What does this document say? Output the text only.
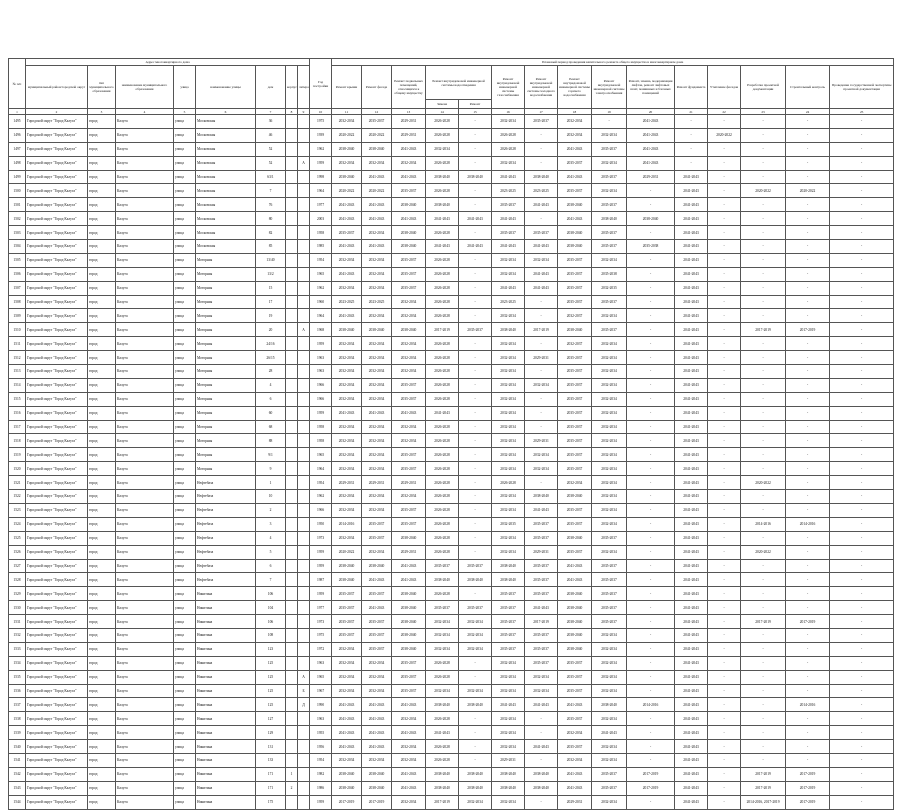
№ п/п	Адрес многоквартирного дома								Год постройки	Плановый период проведения капитального ремонта общего имущества в многоквартирном доме														
	муниципальный район/городской округ	тип муниципального образования	наименование муниципального образования	улица	наименование улицы	дом	корпус	литера		Ремонт крыши	Ремонт фасада	Ремонт подвальных помещений, относящихся к общему имуществу	Ремонт внутридомовой инженерной системы водоотведения		Ремонт внутридомовой инженерной системы газоснабжения	Ремонт внутридомовой инженерной системы холодного водоснабжения	Ремонт внутридомовой инженерной системы горячего водоснабжения	Ремонт внутридомовой инженерной системы электроснабжения	Ремонт, замена, модернизация лифтов, ремонт лифтовых шахт, машинных и блочных помещений	Ремонт фундамента	Утепление фасадов	Разработка проектной документации	Строительный контроль	Проведение государственной экспертизы проектной документации
													Замена	Ремонт										
1	2	3	4	5	6	7	8	9	10	11	12	13	14	15	16	17	18	19	20	21	22	23	24	25
1495	Городской округ "Город Калуга"	город	Калуга	улица	Московская	36			1975	2032-2034	2035-2037	2029-2031	2026-2028	-	2032-2034	2035-2037	2032-2034	-	2041-2043	-	-	-	-	-
1496	Городской округ "Город Калуга"	город	Калуга	улица	Московская	46			1939	2020-2022	2020-2022	2029-2031	2026-2028	-	2026-2028	-	2032-2034	2032-2034	2041-2043	-	2020-2022	-	-	-
1497	Городской округ "Город Калуга"	город	Калуга	улица	Московская	52			1962	2038-2040	2038-2040	2041-2043	2032-2034	-	2026-2028	-	2041-2043	2035-2037	2041-2043	-	-	-	-	-
1498	Городской округ "Город Калуга"	город	Калуга	улица	Московская	52		А	1959	2032-2034	2032-2034	2032-2034	2026-2028	-	2032-2034	-	2035-2037	2032-2034	2041-2043	-	-	-	-	-
1499	Городской округ "Город Калуга"	город	Калуга	улица	Московская	63/1			1998	2038-2040	2041-2043	2041-2043	2038-2040	2038-2040	2041-2043	2038-2040	2041-2043	2035-2037	2029-2031	2041-2043	-	-	-	-
1500	Городской округ "Город Калуга"	город	Калуга	улица	Московская	7			1964	2020-2022	2020-2022	2035-2037	2026-2028	-	2023-2025	2023-2025	2035-2037	2032-2034	-	2041-2043	-	2020-2022	2020-2022	-
1501	Городской округ "Город Калуга"	город	Калуга	улица	Московская	76			1977	2041-2043	2041-2043	2038-2040	2038-2040	-	2035-2037	2041-2043	2038-2040	2035-2037	-	2041-2043	-	-	-	-
1502	Городской округ "Город Калуга"	город	Калуга	улица	Московская	80			2003	2041-2043	2041-2043	2041-2043	2041-2043	2041-2043	2041-2043	-	2041-2043	2038-2040	2038-2040	2041-2043	-	-	-	-
1503	Городской округ "Город Калуга"	город	Калуга	улица	Московская	82			1958	2035-2037	2032-2034	2038-2040	2026-2028	-	2035-2037	2035-2037	2038-2040	2035-2037	-	2041-2043	-	-	-	-
1504	Городской округ "Город Калуга"	город	Калуга	улица	Московская	85			1985	2041-2043	2041-2043	2038-2040	2041-2043	2041-2043	2041-2043	2041-2043	2038-2040	2035-2037	2035-2038	2041-2043	-	-	-	-
1505	Городской округ "Город Калуга"	город	Калуга	улица	Моторная	13/40			1954	2032-2034	2032-2034	2035-2037	2026-2028	-	2032-2034	2032-2034	2035-2037	2032-2034	-	2041-2043	-	-	-	-
1506	Городской округ "Город Калуга"	город	Калуга	улица	Моторная	13/2			1965	2041-2043	2032-2034	2035-2037	2026-2028	-	2032-2034	2041-2043	2035-2037	2035-2038	-	2041-2043	-	-	-	-
1507	Городской округ "Город Калуга"	город	Калуга	улица	Моторная	15			1962	2032-2034	2032-2034	2035-2037	2026-2028	-	2041-2043	2041-2043	2035-2037	2032-2035	-	2041-2043	-	-	-	-
1508	Городской округ "Город Калуга"	город	Калуга	улица	Моторная	17			1960	2023-2025	2023-2025	2032-2034	2026-2028	-	2023-2025	-	2035-2037	2035-2037	-	2041-2043	-	-	-	-
1509	Городской округ "Город Калуга"	город	Калуга	улица	Моторная	19			1964	2041-2043	2032-2034	2032-2034	2026-2028	-	2032-2034	-	2032-2037	2032-2034	-	2041-2043	-	-	-	-
1510	Городской округ "Город Калуга"	город	Калуга	улица	Моторная	20		А	1968	2038-2040	2038-2040	2038-2040	2017-2019	2035-2037	2038-2040	2017-2019	2038-2040	2035-2037	-	2041-2043	-	2017-2019	2017-2019	-
1511	Городской округ "Город Калуга"	город	Калуга	улица	Моторная	24/16			1959	2032-2034	2032-2034	2032-2034	2026-2028	-	2032-2034	-	2032-2037	2032-2034	-	2041-2043	-	-	-	-
1512	Городской округ "Город Калуга"	город	Калуга	улица	Моторная	26/15			1963	2032-2034	2032-2034	2032-2034	2026-2028	-	2032-2034	2029-2031	2035-2037	2032-2034	-	2041-2043	-	-	-	-
1513	Городской округ "Город Калуга"	город	Калуга	улица	Моторная	28			1963	2032-2034	2032-2034	2032-2034	2026-2028	-	2032-2034	-	2035-2037	2032-2034	-	2041-2043	-	-	-	-
1514	Городской округ "Город Калуга"	город	Калуга	улица	Моторная	4			1966	2032-2034	2032-2034	2035-2037	2026-2028	-	2032-2034	2032-2034	2035-2037	2032-2034	-	2041-2043	-	-	-	-
1515	Городской округ "Город Калуга"	город	Калуга	улица	Моторная	6			1966	2032-2034	2032-2034	2035-2037	2026-2028	-	2032-2034	-	2035-2037	2032-2034	-	2041-2043	-	-	-	-
1516	Городской округ "Город Калуга"	город	Калуга	улица	Моторная	60			1959	2041-2043	2041-2043	2041-2043	2041-2043	-	2032-2034	-	2035-2037	2032-2034	-	2041-2043	-	-	-	-
1517	Городской округ "Город Калуга"	город	Калуга	улица	Моторная	68			1958	2032-2034	2032-2034	2032-2034	2026-2028	-	2032-2034	-	2035-2037	2032-2034	-	2041-2043	-	-	-	-
1518	Городской округ "Город Калуга"	город	Калуга	улица	Моторная	88			1958	2032-2034	2032-2034	2032-2034	2026-2028	-	2032-2034	2029-2031	2035-2037	2032-2034	-	2041-2043	-	-	-	-
1519	Городской округ "Город Калуга"	город	Калуга	улица	Моторная	9/1			1965	2032-2034	2032-2034	2035-2037	2026-2028	-	2032-2034	2032-2034	2035-2037	2032-2034	-	2041-2043	-	-	-	-
1520	Городской округ "Город Калуга"	город	Калуга	улица	Моторная	9			1964	2032-2034	2032-2034	2035-2037	2026-2028	-	2032-2034	2032-2034	2035-2037	2032-2034	-	2041-2043	-	-	-	-
1521	Городской округ "Город Калуга"	город	Калуга	улица	Нефтебаза	1			1954	2029-2031	2029-2031	2029-2031	2026-2028	-	2026-2028	-	2032-2034	2032-2034	-	2041-2043	-	2020-2022	-	-
1522	Городской округ "Город Калуга"	город	Калуга	улица	Нефтебаза	10			1962	2032-2034	2032-2034	2032-2034	2026-2028	-	2032-2034	2038-2040	2038-2040	2032-2034	-	2041-2043	-	-	-	-
1523	Городской округ "Город Калуга"	город	Калуга	улица	Нефтебаза	2			1966	2032-2034	2032-2034	2035-2037	2026-2028	-	2032-2034	2041-2043	2035-2037	2032-2034	-	2041-2043	-	-	-	-
1524	Городской округ "Город Калуга"	город	Калуга	улица	Нефтебаза	3			1950	2014-2016	2035-2037	2035-2037	2026-2028	-	2032-2035	2035-2037	2035-2037	2032-2034	-	2041-2043	-	2014-2016	2014-2016	-
1525	Городской округ "Город Калуга"	город	Калуга	улица	Нефтебаза	4			1973	2032-2034	2035-2037	2038-2040	2026-2028	-	2032-2034	2035-2037	2038-2040	2035-2037	-	2041-2043	-	-	-	-
1526	Городской округ "Город Калуга"	город	Калуга	улица	Нефтебаза	5			1959	2020-2022	2032-2034	2029-2031	2026-2028	-	2032-2034	2029-2031	2035-2037	2032-2034	-	2041-2043	-	2020-2022	-	-
1527	Городской округ "Город Калуга"	город	Калуга	улица	Нефтебаза	6			1959	2038-2040	2038-2040	2041-2043	2035-2037	2035-2037	2038-2040	2035-2037	2041-2043	2035-2037	-	2041-2043	-	-	-	-
1528	Городской округ "Город Калуга"	город	Калуга	улица	Нефтебаза	7			1987	2038-2040	2041-2043	2041-2043	2038-2040	2038-2040	2038-2040	2035-2037	2041-2043	2035-2037	-	2041-2043	-	-	-	-
1529	Городской округ "Город Калуга"	город	Калуга	улица	Никитина	106			1959	2035-2037	2035-2037	2038-2040	2026-2028	-	2035-2037	2035-2037	2038-2040	2035-2037	-	2041-2043	-	-	-	-
1530	Городской округ "Город Калуга"	город	Калуга	улица	Никитина	104			1977	2035-2037	2041-2043	2038-2040	2035-2037	2035-2037	2035-2037	2041-2043	2038-2040	2035-2037	-	2041-2043	-	-	-	-
1531	Городской округ "Город Калуга"	город	Калуга	улица	Никитина	106			1973	2035-2037	2035-2037	2038-2040	2032-2034	2032-2034	2035-2037	2017-2019	2038-2040	2035-2037	-	2041-2043	-	2017-2019	2017-2019	-
1532	Городской округ "Город Калуга"	город	Калуга	улица	Никитина	108			1975	2035-2037	2035-2037	2038-2040	2032-2034	2032-2034	2035-2037	2035-2037	2038-2040	2032-2034	-	2041-2043	-	-	-	-
1533	Городской округ "Город Калуга"	город	Калуга	улица	Никитина	123			1972	2032-2034	2035-2037	2038-2040	2032-2034	2032-2034	2035-2037	2035-2037	2038-2040	2032-2034	-	2041-2043	-	-	-	-
1534	Городской округ "Город Калуга"	город	Калуга	улица	Никитина	125			1963	2032-2034	2032-2034	2035-2037	2026-2028	-	2032-2034	2035-2037	2035-2037	2032-2034	-	2041-2043	-	-	-	-
1535	Городской округ "Город Калуга"	город	Калуга	улица	Никитина	125		А	1965	2032-2034	2032-2034	2035-2037	2026-2028	-	2032-2034	2032-2034	2035-2037	2032-2034	-	2041-2043	-	-	-	-
1536	Городской округ "Город Калуга"	город	Калуга	улица	Никитина	125		Б	1967	2032-2034	2032-2034	2035-2037	2032-2034	2032-2034	2032-2034	2032-2034	2035-2037	2032-2034	-	2041-2043	-	-	-	-
1537	Городской округ "Город Калуга"	город	Калуга	улица	Никитина	125		Д	1990	2041-2043	2041-2043	2041-2043	2038-2040	2038-2040	2041-2043	2041-2043	2041-2043	2038-2040	2014-2016	2041-2043	-	-	2014-2016	-
1538	Городской округ "Город Калуга"	город	Калуга	улица	Никитина	127			1963	2041-2043	2041-2043	2032-2034	2026-2028	-	2032-2034	-	2035-2037	2032-2034	-	2041-2043	-	-	-	-
1539	Городской округ "Город Калуга"	город	Калуга	улица	Никитина	129			1955	2041-2043	2041-2043	2041-2043	2041-2043	-	2032-2034	-	2032-2034	2041-2043	-	2041-2043	-	-	-	-
1540	Городской округ "Город Калуга"	город	Калуга	улица	Никитина	131			1956	2041-2043	2041-2043	2032-2034	2026-2028	-	2032-2034	2041-2043	2035-2037	2032-2034	-	2041-2043	-	-	-	-
1541	Городской округ "Город Калуга"	город	Калуга	улица	Никитина	133			1954	2032-2034	2032-2034	2032-2034	2026-2028	-	2029-2031	-	2032-2034	2032-2034	-	2041-2043	-	-	-	-
1542	Городской округ "Город Калуга"	город	Калуга	улица	Никитина	171	1		1982	2038-2040	2038-2040	2041-2043	2038-2040	2038-2040	2038-2040	2038-2040	2041-2043	2035-2037	2017-2019	2041-2043	-	2017-2019	2017-2019	-
1543	Городской округ "Город Калуга"	город	Калуга	улица	Никитина	171	2		1986	2038-2040	2038-2040	2041-2043	2038-2040	2038-2040	2038-2040	2038-2040	2041-2043	2035-2037	2017-2019	2041-2043	-	2017-2019	2017-2019	-
1544	Городской округ "Город Калуга"	город	Калуга	улица	Никитина	175			1959	2017-2019	2017-2019	2032-2034	2017-2019	2032-2034	2032-2034	-	2029-2031	2032-2034	-	2041-2043	-	2014-2016, 2017-2019	2017-2019	-
